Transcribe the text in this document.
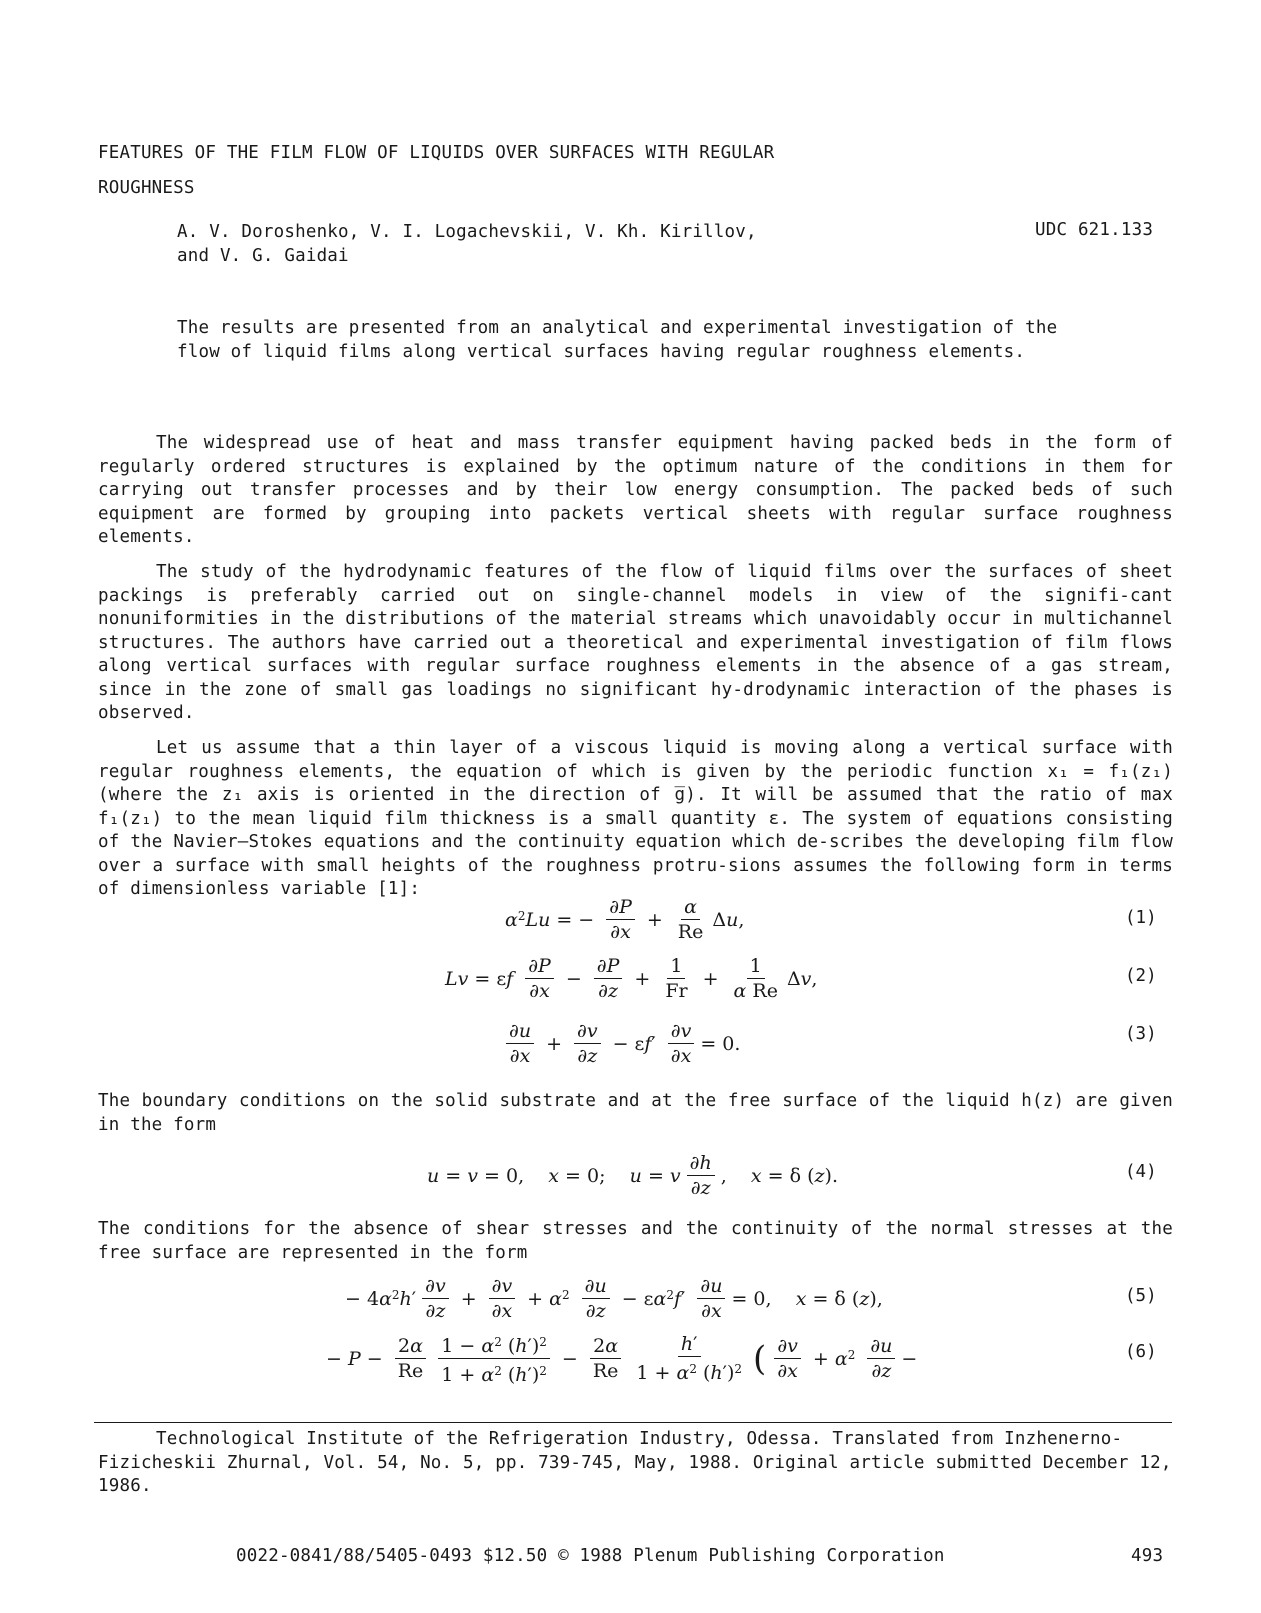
FEATURES OF THE FILM FLOW OF LIQUIDS OVER SURFACES WITH REGULAR
ROUGHNESS
A. V. Doroshenko, V. I. Logachevskii, V. Kh. Kirillov,
and V. G. Gaidai
UDC 621.133
The results are presented from an analytical and experimental investigation of the flow of liquid films along vertical surfaces having regular roughness elements.
The widespread use of heat and mass transfer equipment having packed beds in the form of regularly ordered structures is explained by the optimum nature of the conditions in them for carrying out transfer processes and by their low energy consumption. The packed beds of such equipment are formed by grouping into packets vertical sheets with regular surface roughness elements.
The study of the hydrodynamic features of the flow of liquid films over the surfaces of sheet packings is preferably carried out on single-channel models in view of the signifi-cant nonuniformities in the distributions of the material streams which unavoidably occur in multichannel structures. The authors have carried out a theoretical and experimental investigation of film flows along vertical surfaces with regular surface roughness elements in the absence of a gas stream, since in the zone of small gas loadings no significant hy-drodynamic interaction of the phases is observed.
Let us assume that a thin layer of a viscous liquid is moving along a vertical surface with regular roughness elements, the equation of which is given by the periodic function x₁ = f₁(z₁) (where the z₁ axis is oriented in the direction of g̅). It will be assumed that the ratio of max f₁(z₁) to the mean liquid film thickness is a small quantity ε. The system of equations consisting of the Navier–Stokes equations and the continuity equation which de-scribes the developing film flow over a surface with small heights of the roughness protru-sions assumes the following form in terms of dimensionless variable [1]:
$\alpha^2Lu$ = − $\frac{\partial P}{\partial x} + \frac{\alpha}{Re} \Delta u$,	(1)
Lv = εf $\frac{\partial P}{\partial x} - \frac{\partial P}{\partial z} + \frac{1}{Fr} + \frac{1}{\text{α Re}} \Delta v$,	(2)
$\frac{\partial u}{\partial x} + \frac{\partial v}{\partial z} - \varepsilon f' \frac{\partial v}{\partial x} = 0$.	(3)
The boundary conditions on the solid substrate and at the free surface of the liquid h(z) are given in the form
u = v = 0,    x = 0;    u = v $\frac{\partial h}{\partial z}$ ,    x = δ (z).	(4)
The conditions for the absence of shear stresses and the continuity of the normal stresses at the free surface are represented in the form
− $4\alpha^2h' \frac{\partial v}{\partial z} + \frac{\partial v}{\partial x} + \alpha^2 \frac{\partial u}{\partial z} - \varepsilon\alpha^2f' \frac{\partial u}{\partial x} = 0$,    x = δ (z),	(5)
− $P - \frac{2\alpha}{Re} \frac{1 - \alpha^2 (h')^2}{1 + \alpha^2 (h')^2} - \frac{2\alpha}{Re} \frac{h'}{1 + \alpha^2 (h')^2}$ ( $\frac{\partial v}{\partial x} + \alpha^2 \frac{\partial u}{\partial z}$ −	(6)
Technological Institute of the Refrigeration Industry, Odessa. Translated from Inzhenerno-Fizicheskii Zhurnal, Vol. 54, No. 5, pp. 739-745, May, 1988. Original article submitted December 12, 1986.
0022-0841/88/5405-0493 $12.50 © 1988 Plenum Publishing Corporation	493
